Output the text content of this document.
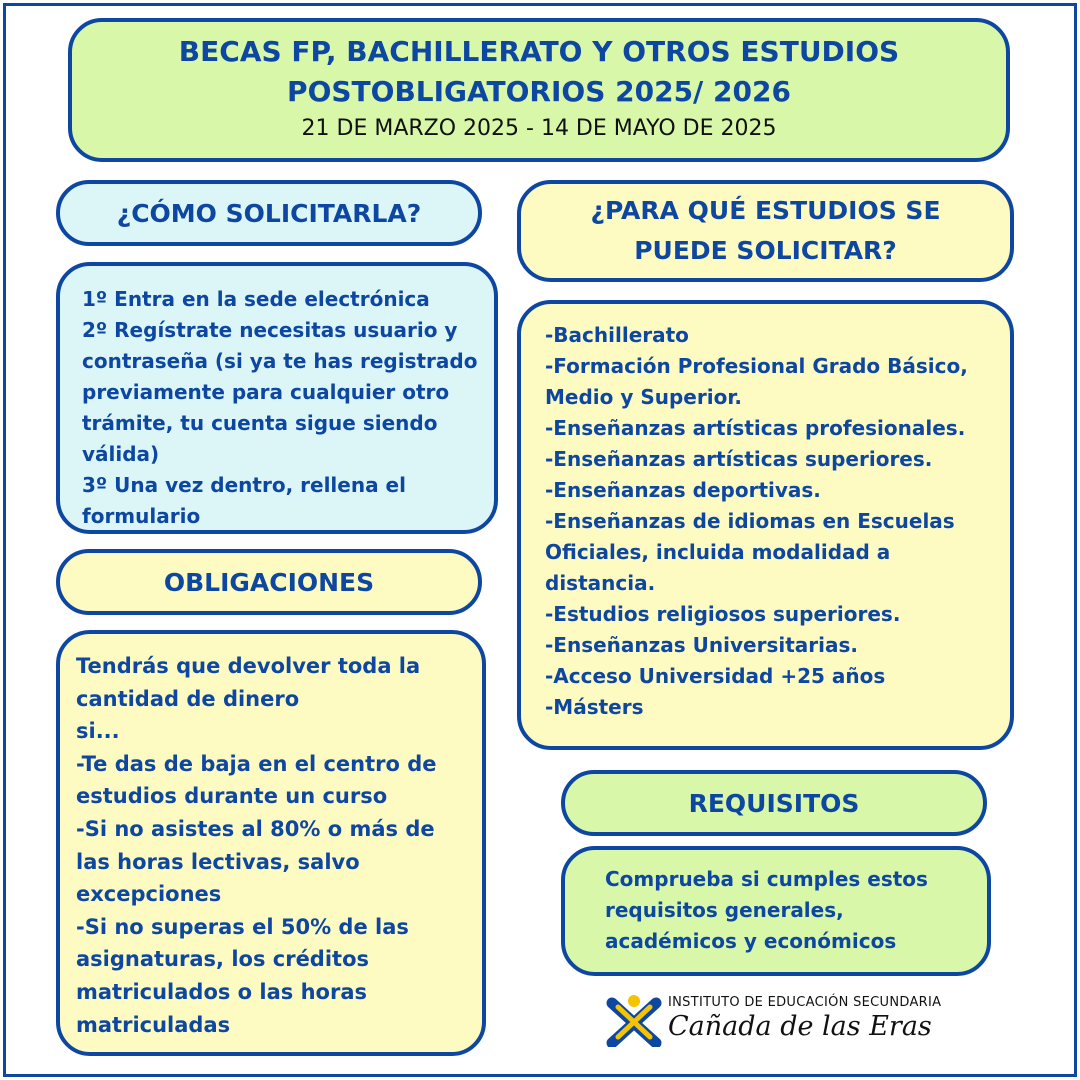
BECAS FP, BACHILLERATO Y OTROS ESTUDIOS
POSTOBLIGATORIOS 2025/ 2026
21 DE MARZO 2025 - 14 DE MAYO DE 2025
¿CÓMO SOLICITARLA?
1º Entra en la sede electrónica
2º Regístrate necesitas usuario y
contraseña (si ya te has registrado
previamente para cualquier otro
trámite, tu cuenta sigue siendo
válida)
3º Una vez dentro, rellena el
formulario
OBLIGACIONES
Tendrás que devolver toda la
cantidad de dinero
si...
-Te das de baja en el centro de
estudios durante un curso
-Si no asistes al 80% o más de
las horas lectivas, salvo
excepciones
-Si no superas el 50% de las
asignaturas, los créditos
matriculados o las horas
matriculadas
¿PARA QUÉ ESTUDIOS SE
PUEDE SOLICITAR?
-Bachillerato
-Formación Profesional Grado Básico,
Medio y Superior.
-Enseñanzas artísticas profesionales.
-Enseñanzas artísticas superiores.
-Enseñanzas deportivas.
-Enseñanzas de idiomas en Escuelas
Oficiales, incluida modalidad a
distancia.
-Estudios religiosos superiores.
-Enseñanzas Universitarias.
-Acceso Universidad +25 años
-Másters
REQUISITOS
Comprueba si cumples estos
requisitos generales,
académicos y económicos
INSTITUTO DE EDUCACIÓN SECUNDARIA
Cañada de las Eras
